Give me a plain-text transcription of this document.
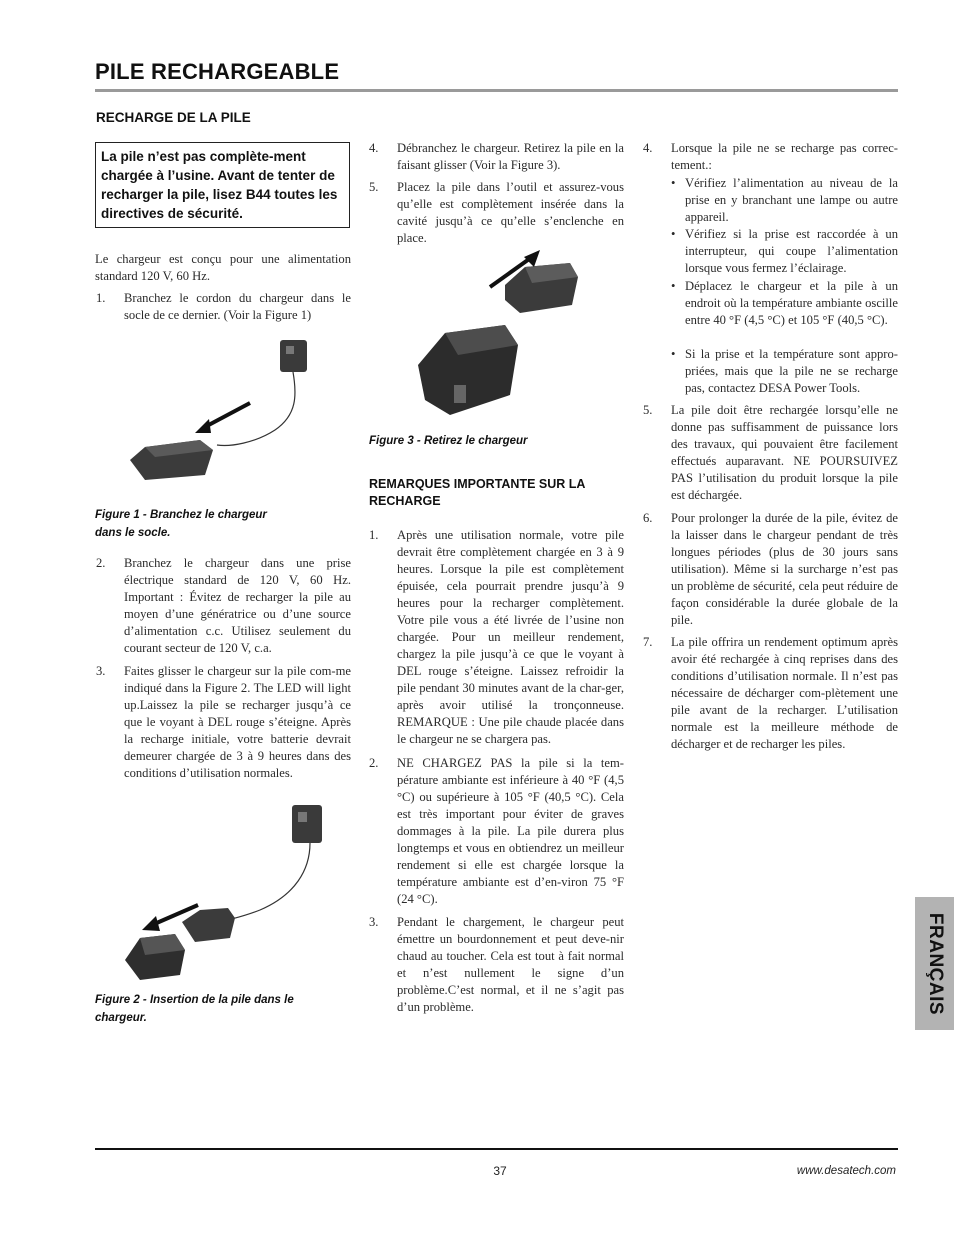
PILE RECHARGEABLE
RECHARGE DE LA PILE
La pile n’est pas complète-ment chargée à l’usine. Avant de tenter de recharger la pile, lisez B44 toutes les directives de sécurité.
Le chargeur est conçu pour une alimentation standard 120 V, 60 Hz.
1. Branchez le cordon du chargeur dans le socle de ce dernier. (Voir la Figure 1)
Figure 1 - Branchez le chargeur
dans le socle.
2. Branchez le chargeur dans une prise électrique standard de 120 V, 60 Hz. Important : Évitez de recharger la pile au moyen d’une génératrice ou d’une source d’alimentation c.c. Utilisez seulement du courant secteur de 120 V, c.a.
3. Faites glisser le chargeur sur la pile com-me indiqué dans la Figure 2. The LED will light up.Laissez la pile se recharger jusqu’à ce que le voyant à DEL rouge s’éteigne. Après la recharge initiale, votre batterie devrait demeurer chargée de 3 à 9 heures dans des conditions d’utilisation normales.
Figure 2 - Insertion de la pile dans le
chargeur.
4. Débranchez le chargeur. Retirez la pile en la faisant glisser (Voir la Figure 3).
5. Placez la pile dans l’outil et assurez-vous qu’elle est complètement insérée dans la cavité jusqu’à ce qu’elle s’enclenche en place.
Figure 3 - Retirez le chargeur
REMARQUES IMPORTANTE SUR LA
RECHARGE
1. Après une utilisation normale, votre pile devrait être complètement chargée en 3 à 9 heures. Lorsque la pile est complètement épuisée, cela pourrait prendre jusqu’à 9 heures pour la recharger complètement. Votre pile vous a été livrée de l’usine non chargée. Pour un meilleur rendement, chargez la pile jusqu’à ce que le voyant à DEL rouge s’éteigne. Laissez refroidir la pile pendant 30 minutes avant de la char-ger, après avoir utilisé la tronçonneuse. REMARQUE : Une pile chaude placée dans le chargeur ne se chargera pas.
2. NE CHARGEZ PAS la pile si la tem-pérature ambiante est inférieure à 40 °F (4,5 °C) ou supérieure à 105 °F (40,5 °C). Cela est très important pour éviter de graves dommages à la pile. La pile durera plus longtemps et vous en obtiendrez un meilleur rendement si elle est chargée lorsque la température ambiante est d’en-viron 75 °F (24 °C).
3. Pendant le chargement, le chargeur peut émettre un bourdonnement et peut deve-nir chaud au toucher. Cela est tout à fait normal et n’est nullement le signe d’un problème.C’est normal, et il ne s’agit pas d’un problème.
4. Lorsque la pile ne se recharge pas correc-tement.:
• Vérifiez l’alimentation au niveau de la prise en y branchant une lampe ou autre appareil.
• Vérifiez si la prise est raccordée à un interrupteur, qui coupe l’alimentation lorsque vous fermez l’éclairage.
• Déplacez le chargeur et la pile à un endroit où la température ambiante oscille entre 40 °F (4,5 °C) et 105 °F (40,5 °C).
• Si la prise et la température sont appro-priées, mais que la pile ne se recharge pas, contactez DESA Power Tools.
5. La pile doit être rechargée lorsqu’elle ne donne pas suffisamment de puissance lors des travaux, qui pouvaient être facilement effectués auparavant. NE POURSUIVEZ PAS l’utilisation du produit lorsque la pile est déchargée.
6. Pour prolonger la durée de la pile, évitez de la laisser dans le chargeur pendant de très longues périodes (plus de 30 jours sans utilisation). Même si la surcharge n’est pas un problème de sécurité, cela peut réduire de façon considérable la durée globale de la pile.
7. La pile offrira un rendement optimum après avoir été rechargée à cinq reprises dans des conditions d’utilisation normale. Il n’est pas nécessaire de décharger com-plètement une pile avant de la recharger. L’utilisation normale est la meilleure méthode de décharger et de recharger les piles.
FRANÇAIS
37	www.desatech.com
